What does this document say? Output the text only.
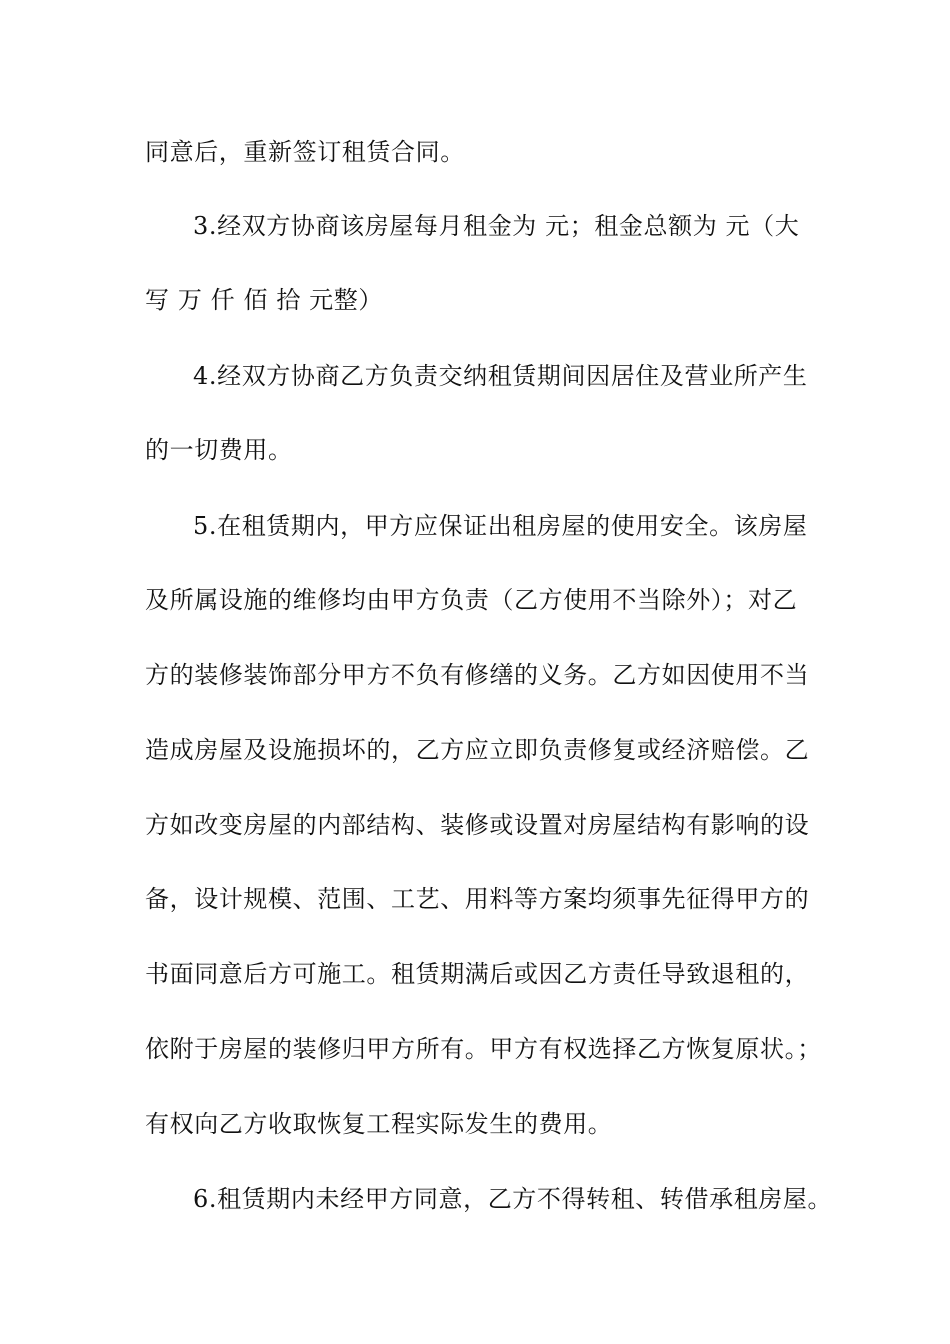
同意后，重新签订租赁合同。
3.经双方协商该房屋每月租金为 元；租金总额为 元（大
写 万 仟 佰 拾 元整）
4.经双方协商乙方负责交纳租赁期间因居住及营业所产生
的一切费用。
5.在租赁期内，甲方应保证出租房屋的使用安全。该房屋
及所属设施的维修均由甲方负责（乙方使用不当除外）；对乙
方的装修装饰部分甲方不负有修缮的义务。乙方如因使用不当
造成房屋及设施损坏的，乙方应立即负责修复或经济赔偿。乙
方如改变房屋的内部结构、装修或设置对房屋结构有影响的设
备，设计规模、范围、工艺、用料等方案均须事先征得甲方的
书面同意后方可施工。租赁期满后或因乙方责任导致退租的，
依附于房屋的装修归甲方所有。甲方有权选择乙方恢复原状。；
有权向乙方收取恢复工程实际发生的费用。
6.租赁期内未经甲方同意，乙方不得转租、转借承租房屋。
